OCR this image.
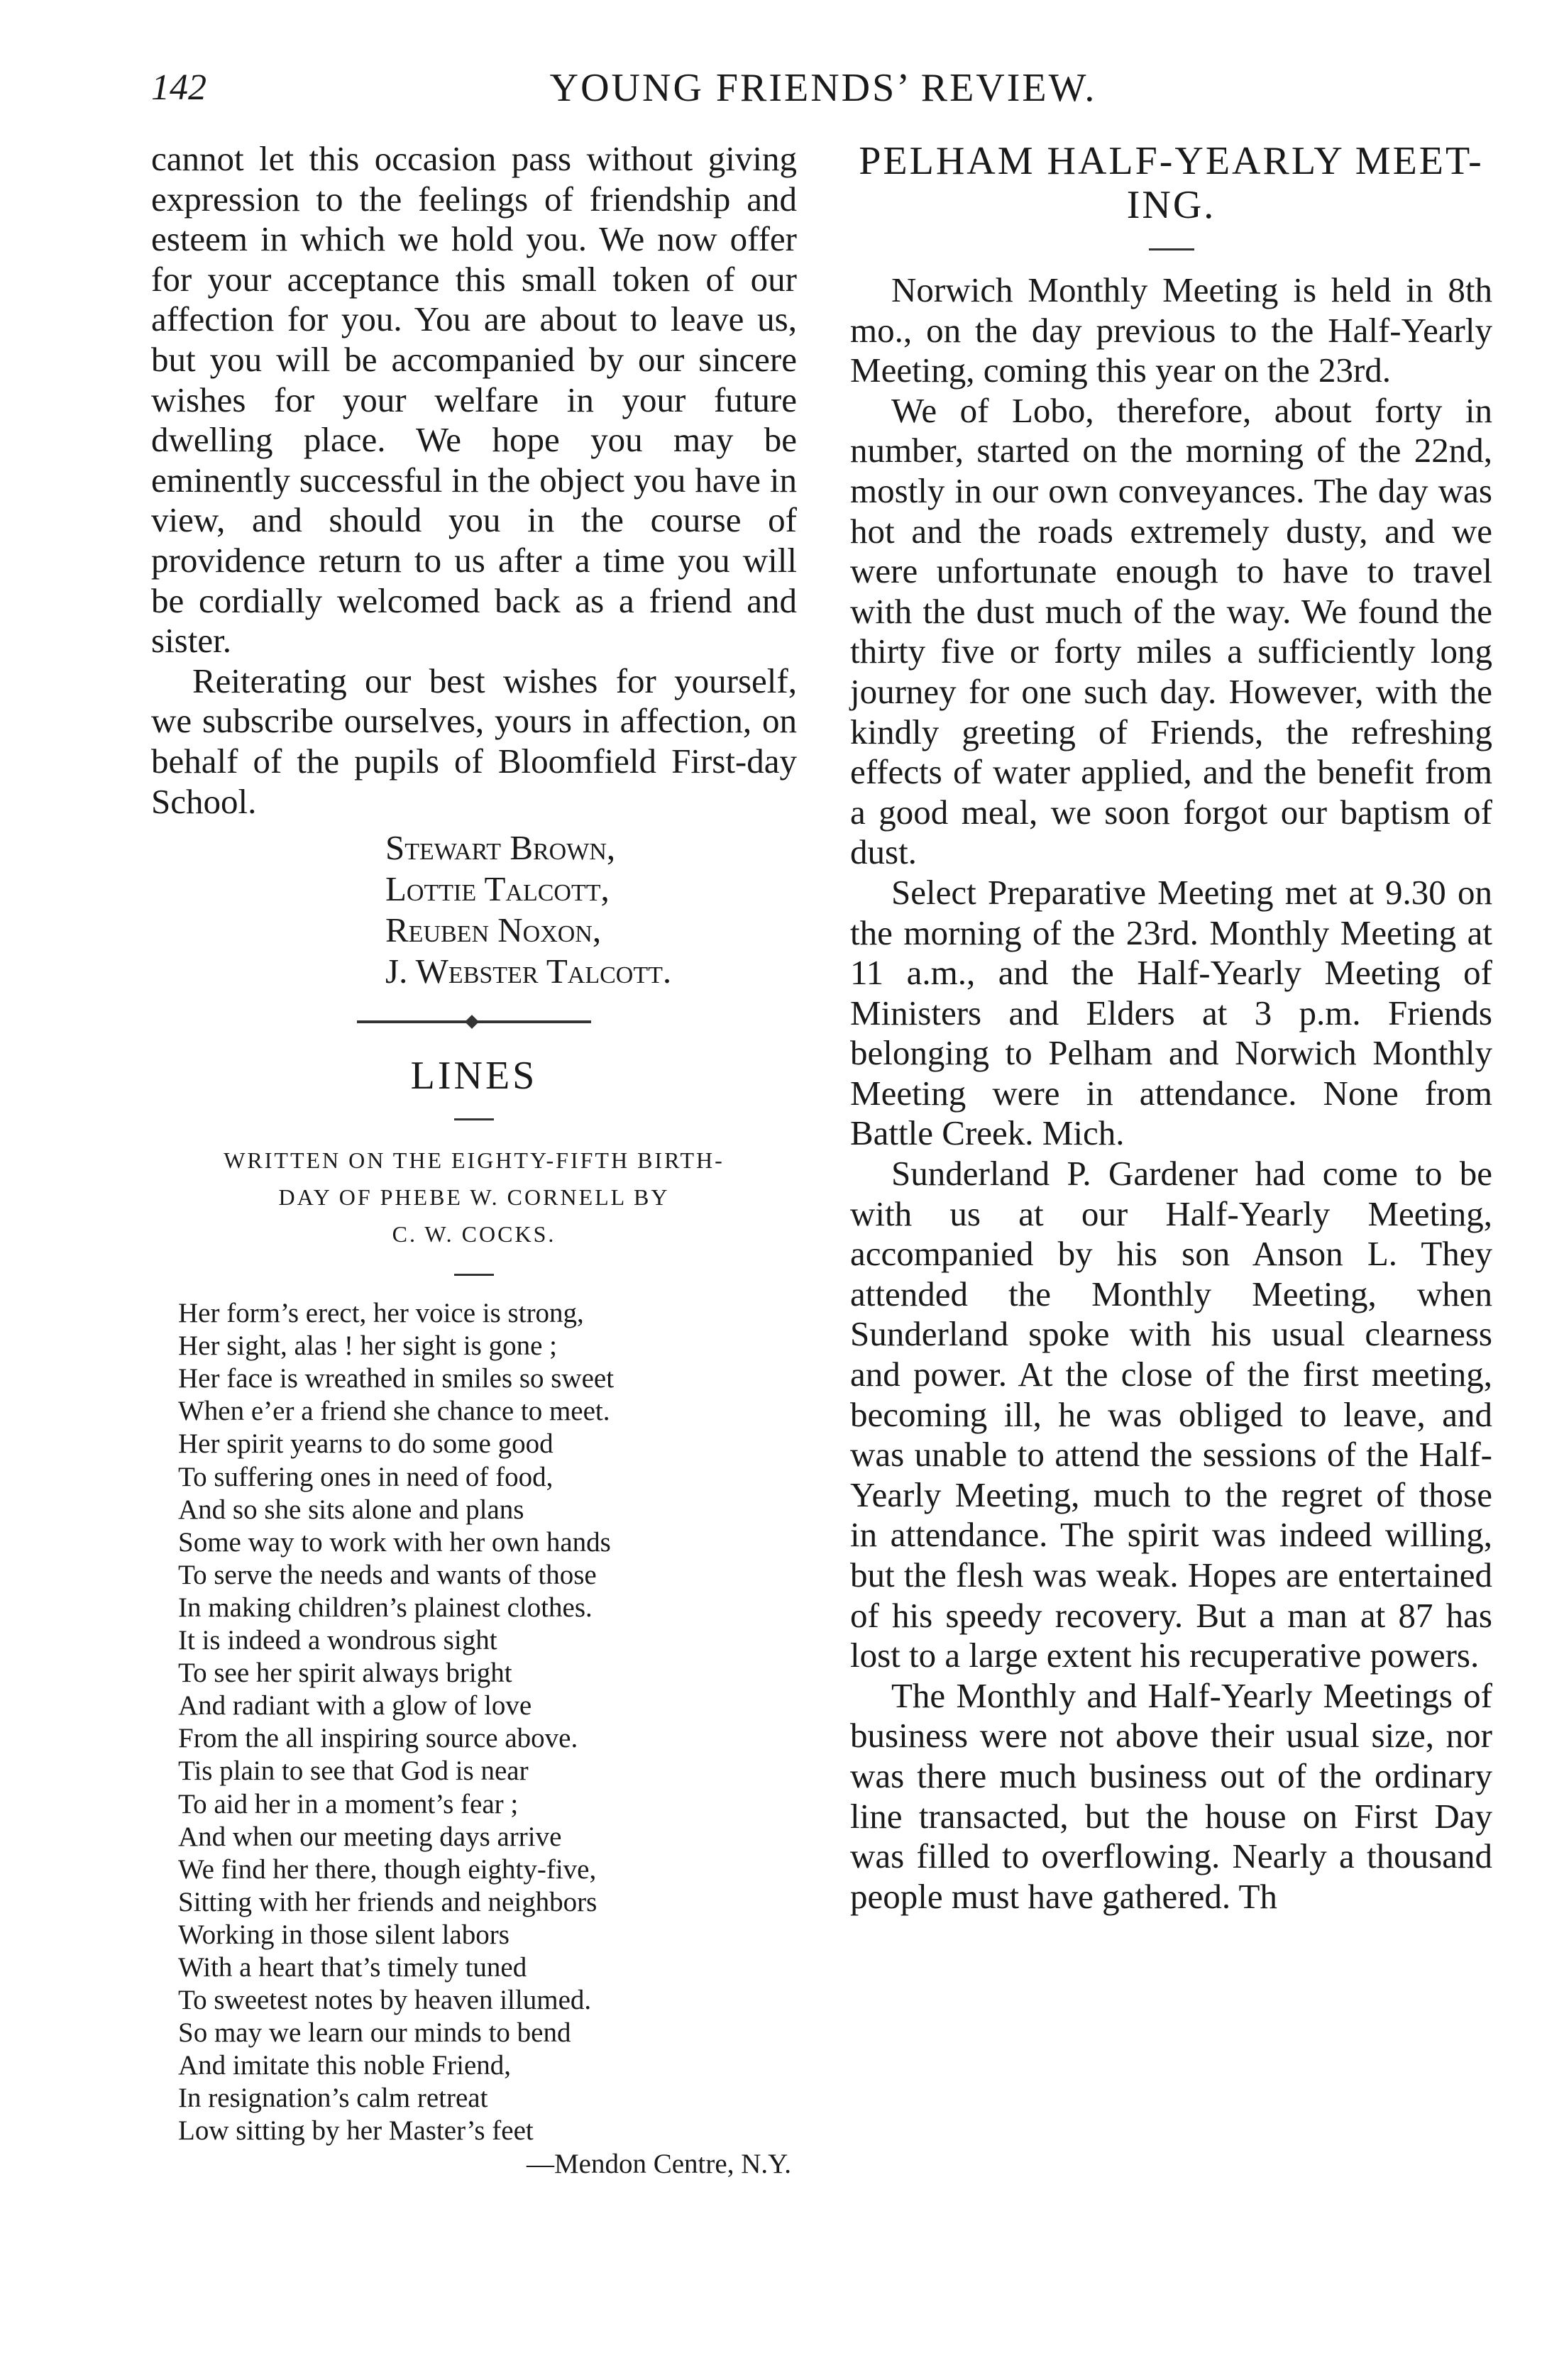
142	YOUNG FRIENDS’ REVIEW.

cannot let this occasion pass without giving expression to the feelings of friendship and esteem in which we hold you. We now offer for your acceptance this small token of our affection for you. You are about to leave us, but you will be accompanied by our sincere wishes for your welfare in your future dwelling place. We hope you may be eminently successful in the object you have in view, and should you in the course of providence return to us after a time you will be cordially welcomed back as a friend and sister.

Reiterating our best wishes for yourself, we subscribe ourselves, yours in affection, on behalf of the pupils of Bloomfield First-day School.

Stewart Brown,
Lottie Talcott,
Reuben Noxon,
J. Webster Talcott.
LINES
WRITTEN ON THE EIGHTY-FIFTH BIRTH-
DAY OF PHEBE W. CORNELL BY
C. W. COCKS.
Her form’s erect, her voice is strong,
Her sight, alas ! her sight is gone ;
Her face is wreathed in smiles so sweet
When e’er a friend she chance to meet.
Her spirit yearns to do some good
To suffering ones in need of food,
And so she sits alone and plans
Some way to work with her own hands
To serve the needs and wants of those
In making children’s plainest clothes.
It is indeed a wondrous sight
To see her spirit always bright
And radiant with a glow of love
From the all inspiring source above.
Tis plain to see that God is near
To aid her in a moment’s fear ;
And when our meeting days arrive
We find her there, though eighty-five,
Sitting with her friends and neighbors
Working in those silent labors
With a heart that’s timely tuned
To sweetest notes by heaven illumed.
So may we learn our minds to bend
And imitate this noble Friend,
In resignation’s calm retreat
Low sitting by her Master’s feet
—Mendon Centre, N.Y.
PELHAM HALF-YEARLY MEET-
ING.

Norwich Monthly Meeting is held in 8th mo., on the day previous to the Half-Yearly Meeting, coming this year on the 23rd.

We of Lobo, therefore, about forty in number, started on the morning of the 22nd, mostly in our own conveyances. The day was hot and the roads extremely dusty, and we were unfortunate enough to have to travel with the dust much of the way. We found the thirty five or forty miles a sufficiently long journey for one such day. However, with the kindly greeting of Friends, the refreshing effects of water applied, and the benefit from a good meal, we soon forgot our baptism of dust.

Select Preparative Meeting met at 9.30 on the morning of the 23rd. Monthly Meeting at 11 a.m., and the Half-Yearly Meeting of Ministers and Elders at 3 p.m. Friends belonging to Pelham and Norwich Monthly Meeting were in attendance. None from Battle Creek. Mich.

Sunderland P. Gardener had come to be with us at our Half-Yearly Meeting, accompanied by his son Anson L. They attended the Monthly Meeting, when Sunderland spoke with his usual clearness and power. At the close of the first meeting, becoming ill, he was obliged to leave, and was unable to attend the sessions of the Half-Yearly Meeting, much to the regret of those in attendance. The spirit was indeed willing, but the flesh was weak. Hopes are entertained of his speedy recovery. But a man at 87 has lost to a large extent his recuperative powers.

The Monthly and Half-Yearly Meetings of business were not above their usual size, nor was there much business out of the ordinary line transacted, but the house on First Day was filled to overflowing. Nearly a thousand people must have gathered. Th
